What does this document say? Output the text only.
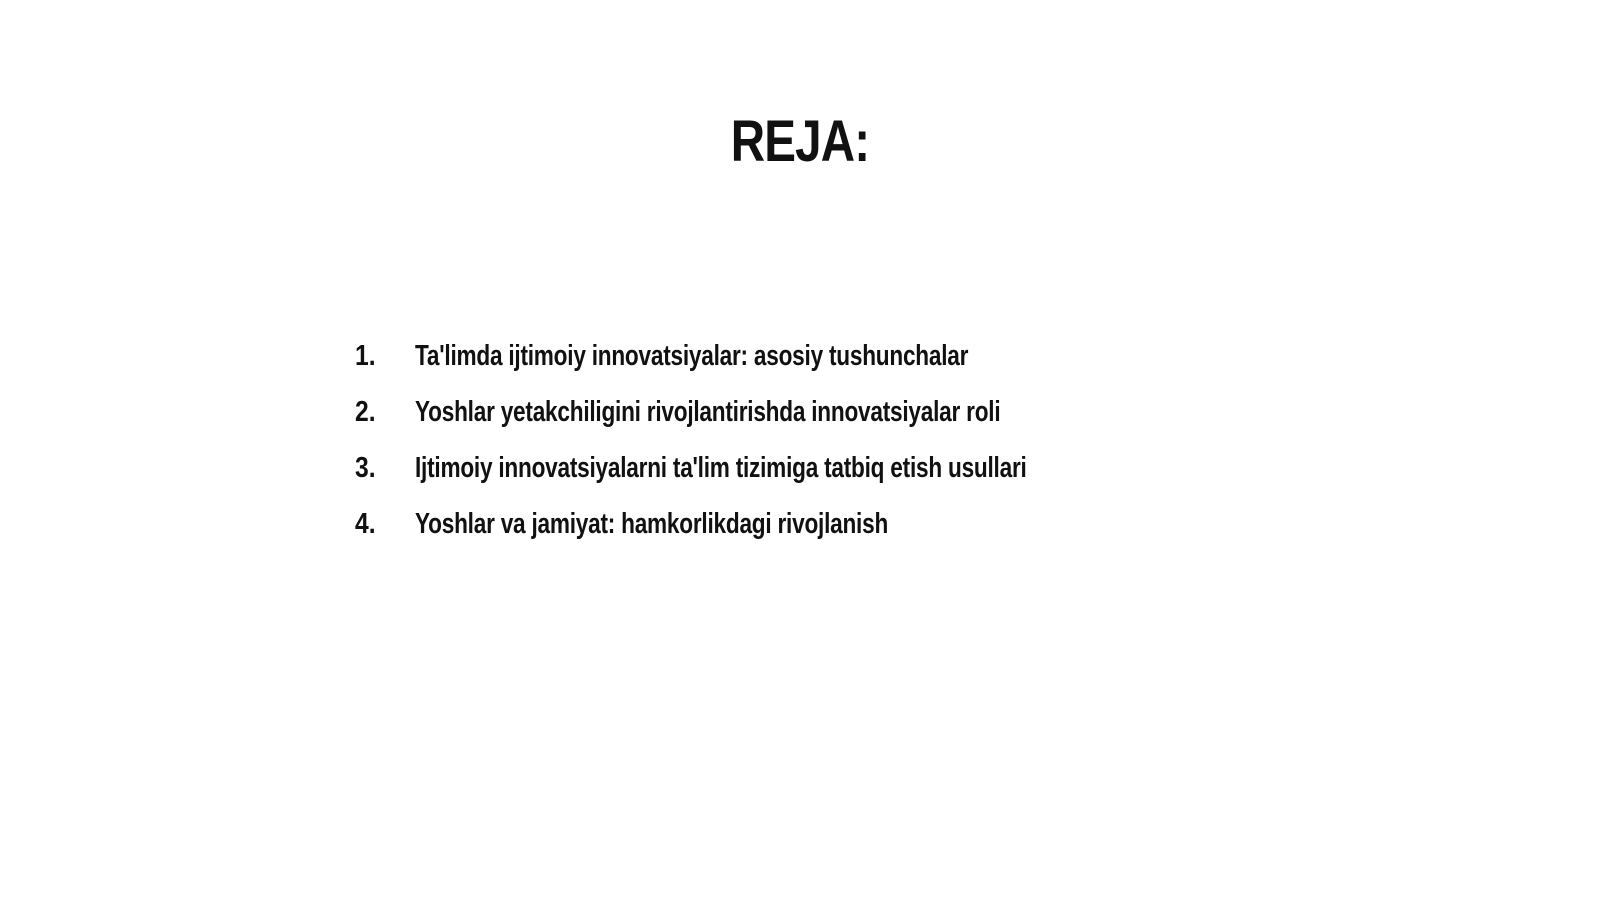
REJA:
1.	Ta'limda ijtimoiy innovatsiyalar: asosiy tushunchalar
2.	Yoshlar yetakchiligini rivojlantirishda innovatsiyalar roli
3.	Ijtimoiy innovatsiyalarni ta'lim tizimiga tatbiq etish usullari
4.	Yoshlar va jamiyat: hamkorlikdagi rivojlanish
